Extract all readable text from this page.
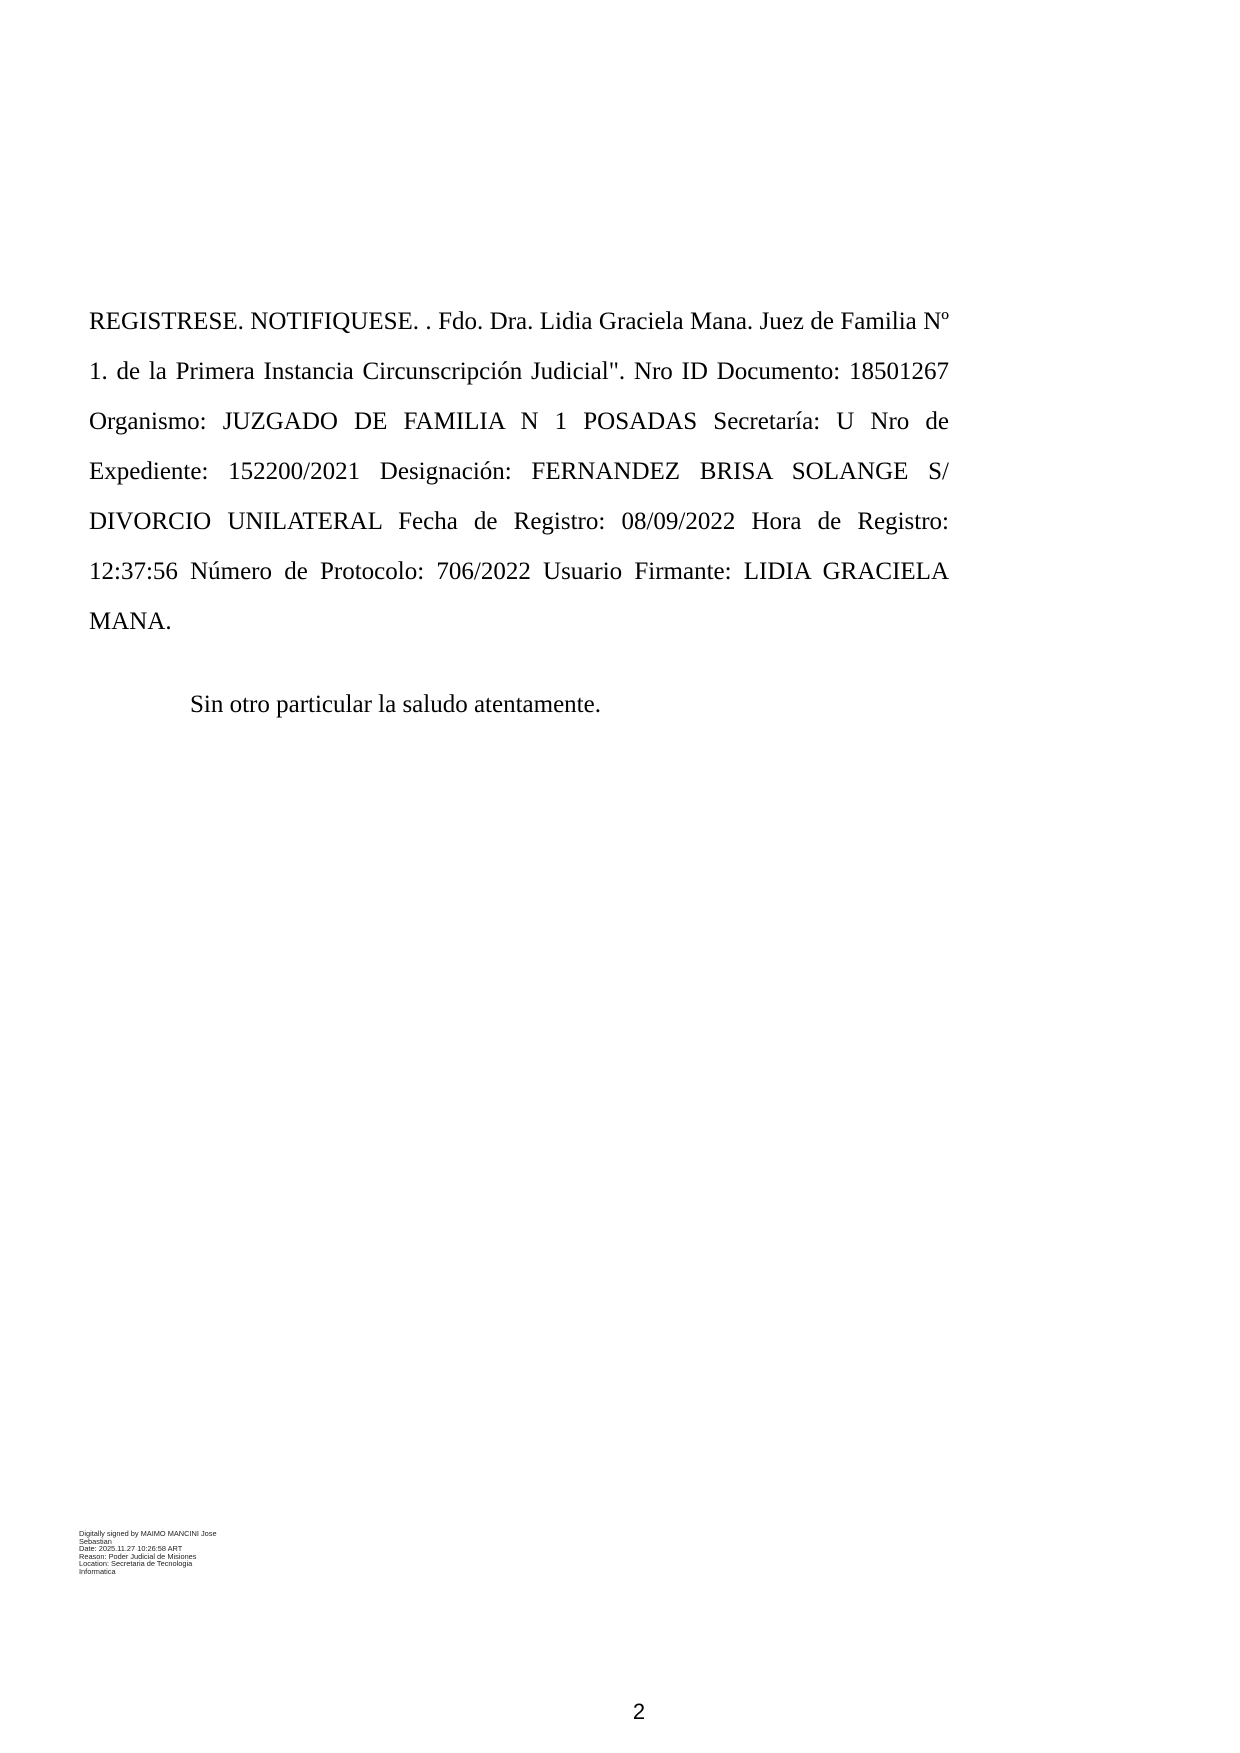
REGISTRESE. NOTIFIQUESE. . Fdo. Dra. Lidia Graciela Mana. Juez de Familia Nº
1. de la Primera Instancia Circunscripción Judicial". Nro ID Documento: 18501267
Organismo: JUZGADO DE FAMILIA N 1 POSADAS Secretaría: U Nro de
Expediente: 152200/2021 Designación: FERNANDEZ BRISA SOLANGE S/
DIVORCIO UNILATERAL Fecha de Registro: 08/09/2022 Hora de Registro:
12:37:56 Número de Protocolo: 706/2022 Usuario Firmante: LIDIA GRACIELA
MANA.

Sin otro particular la saludo atentamente.

Digitally signed by MAIMO MANCINI Jose
Sebastian
Date: 2025.11.27 10:26:58 ART
Reason: Poder Judicial de Misiones
Location: Secretaria de Tecnologia
Informatica
2
